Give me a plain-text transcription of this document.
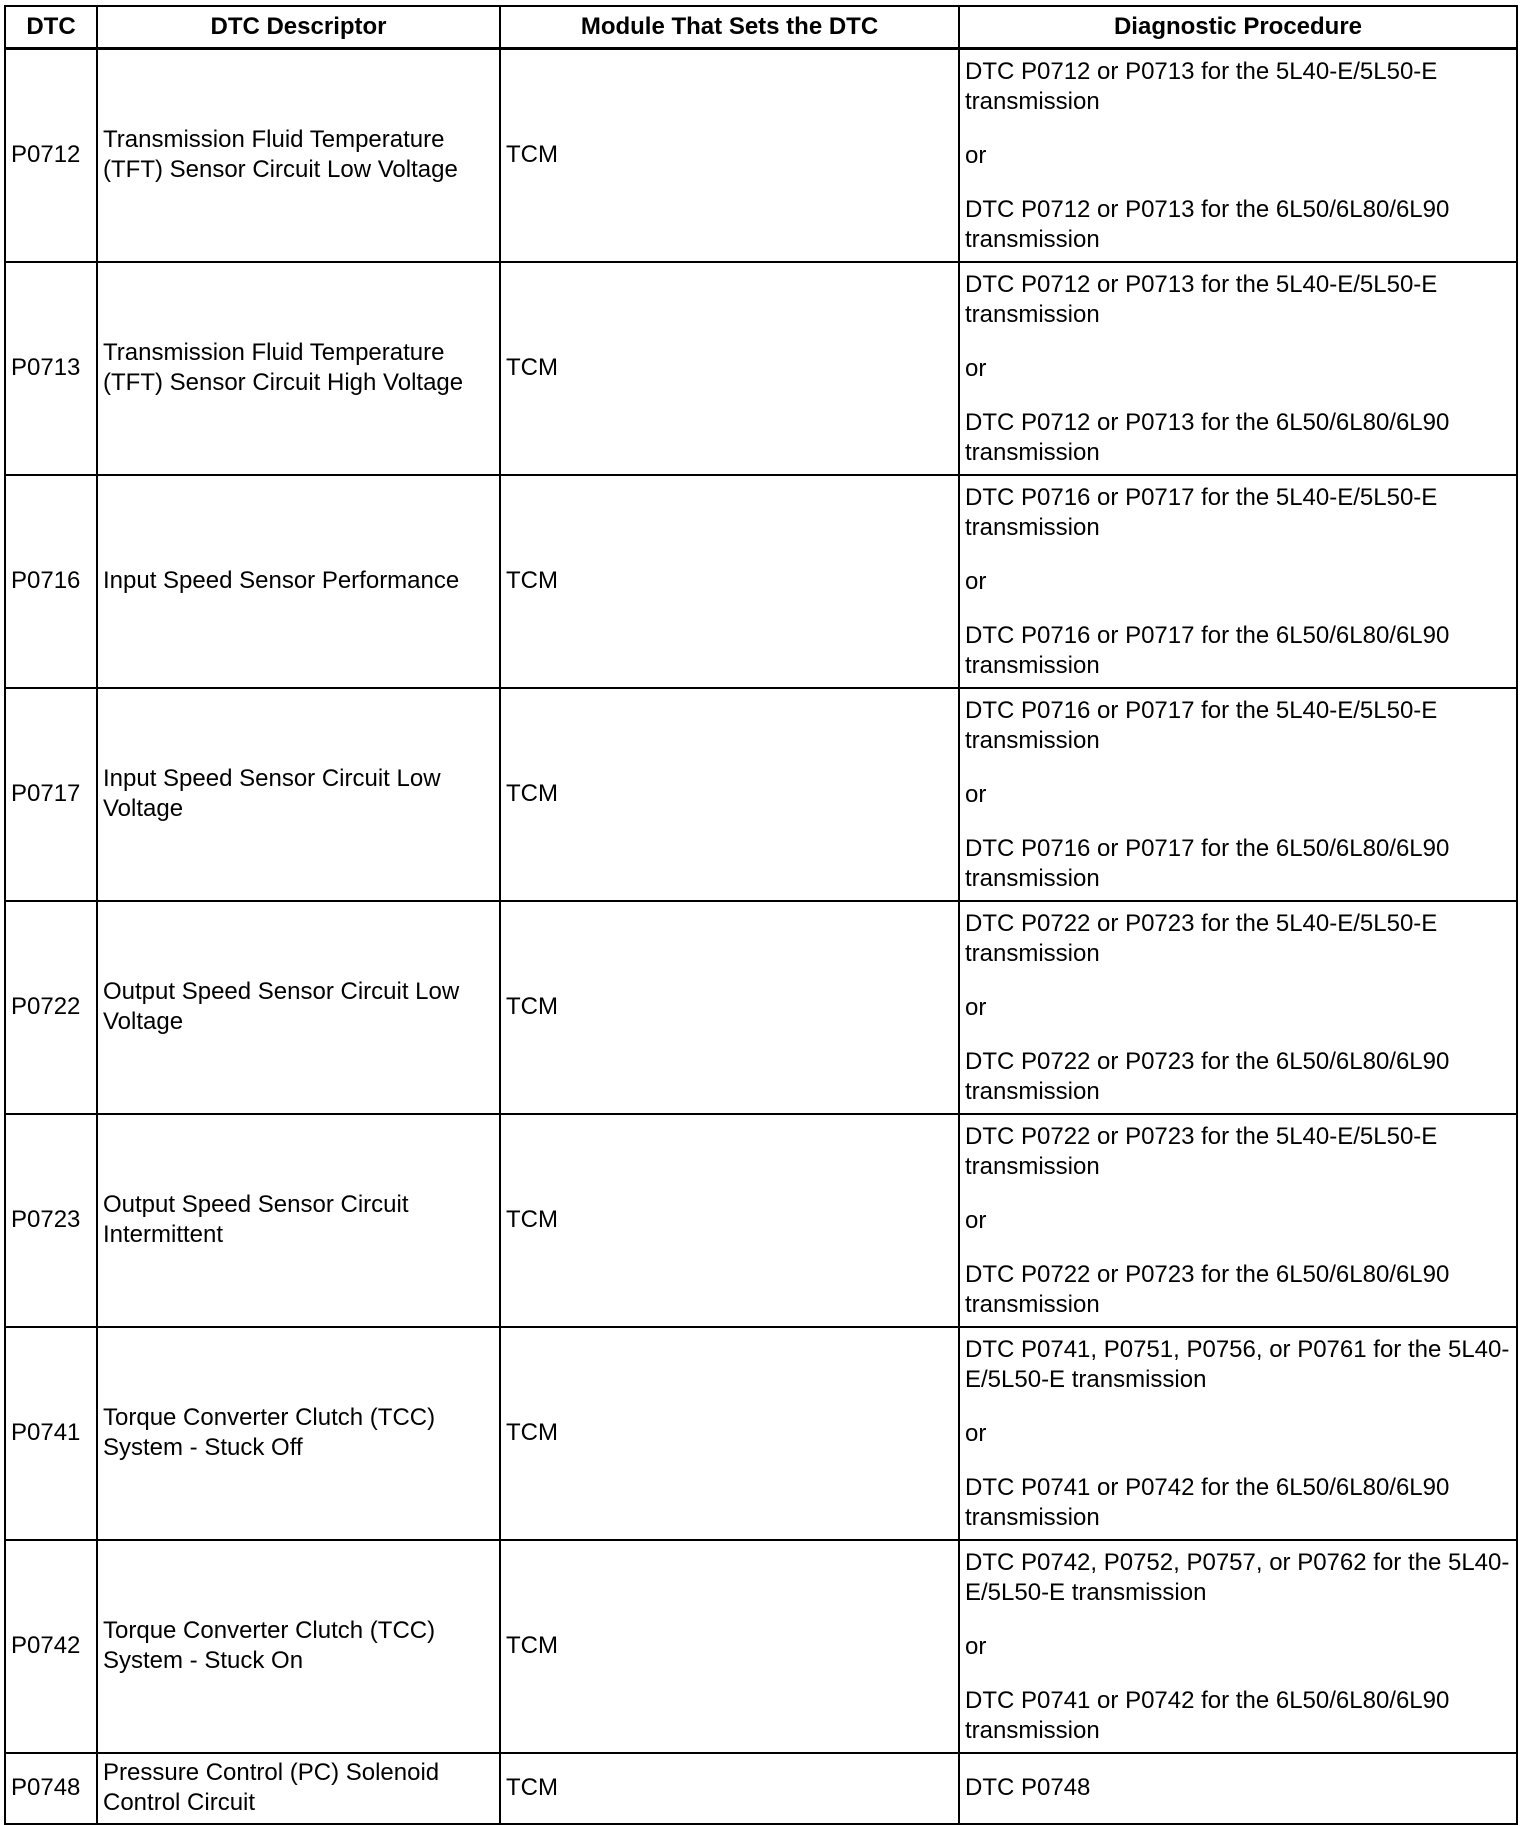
DTC	DTC Descriptor	Module That Sets the DTC	Diagnostic Procedure
P0712	Transmission Fluid Temperature (TFT) Sensor Circuit Low Voltage	TCM	DTC P0712 or P0713 for the 5L40-E/5L50-E transmission
or
DTC P0712 or P0713 for the 6L50/6L80/6L90 transmission

P0713	Transmission Fluid Temperature (TFT) Sensor Circuit High Voltage	TCM	DTC P0712 or P0713 for the 5L40-E/5L50-E transmission
or
DTC P0712 or P0713 for the 6L50/6L80/6L90 transmission

P0716	Input Speed Sensor Performance	TCM	DTC P0716 or P0717 for the 5L40-E/5L50-E transmission
or
DTC P0716 or P0717 for the 6L50/6L80/6L90 transmission

P0717	Input Speed Sensor Circuit Low Voltage	TCM	DTC P0716 or P0717 for the 5L40-E/5L50-E transmission
or
DTC P0716 or P0717 for the 6L50/6L80/6L90 transmission

P0722	Output Speed Sensor Circuit Low Voltage	TCM	DTC P0722 or P0723 for the 5L40-E/5L50-E transmission
or
DTC P0722 or P0723 for the 6L50/6L80/6L90 transmission

P0723	Output Speed Sensor Circuit Intermittent	TCM	DTC P0722 or P0723 for the 5L40-E/5L50-E transmission
or
DTC P0722 or P0723 for the 6L50/6L80/6L90 transmission

P0741	Torque Converter Clutch (TCC) System - Stuck Off	TCM	DTC P0741, P0751, P0756, or P0761 for the 5L40-E/5L50-E transmission
or
DTC P0741 or P0742 for the 6L50/6L80/6L90 transmission

P0742	Torque Converter Clutch (TCC) System - Stuck On	TCM	DTC P0742, P0752, P0757, or P0762 for the 5L40-E/5L50-E transmission
or
DTC P0741 or P0742 for the 6L50/6L80/6L90 transmission

P0748	Pressure Control (PC) Solenoid Control Circuit	TCM	DTC P0748
